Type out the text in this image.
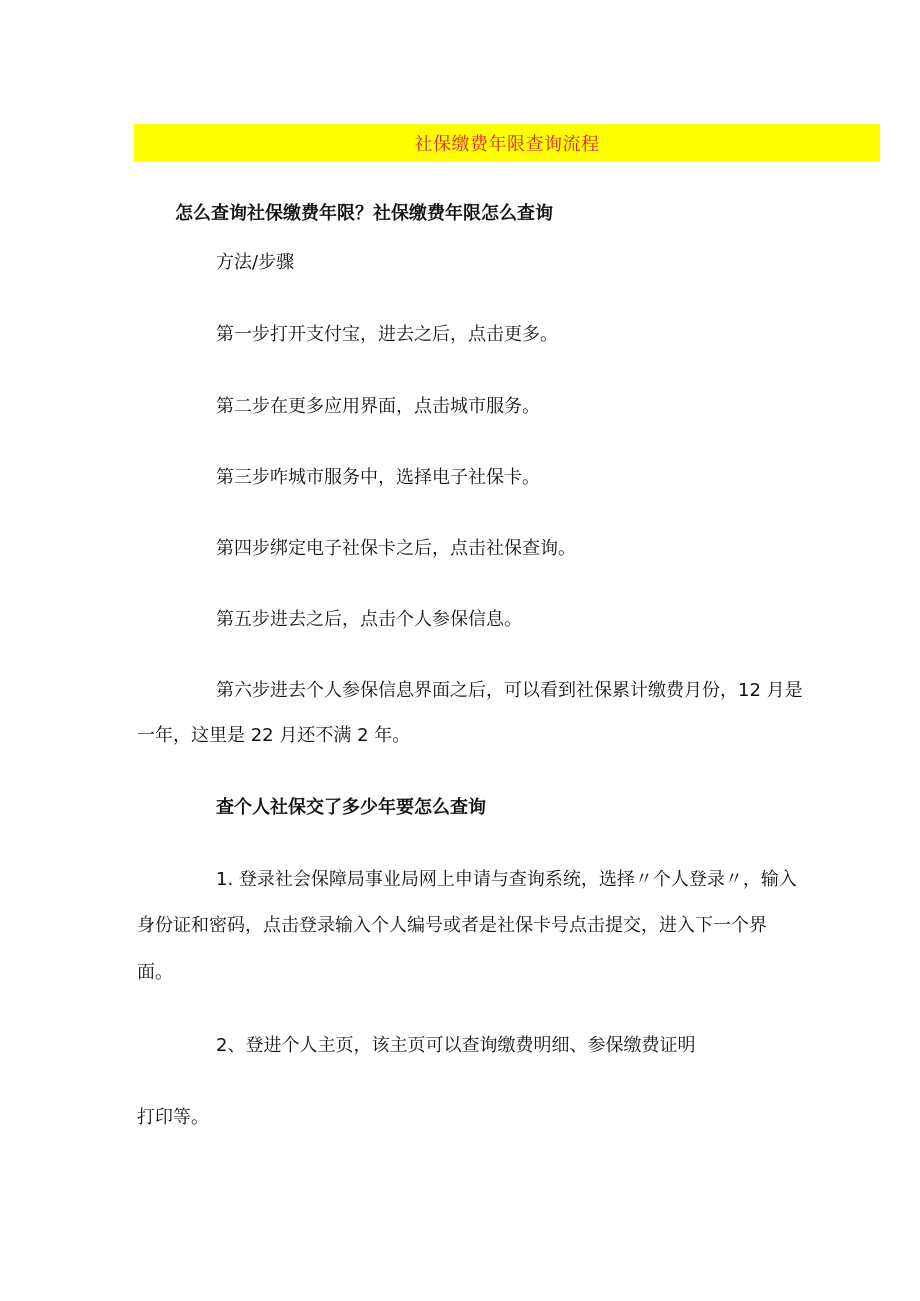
社保缴费年限查询流程
怎么查询社保缴费年限？社保缴费年限怎么查询
方法/步骤
第一步打开支付宝，进去之后，点击更多。
第二步在更多应用界面，点击城市服务。
第三步咋城市服务中，选择电子社保卡。
第四步绑定电子社保卡之后，点击社保查询。
第五步进去之后，点击个人参保信息。
第六步进去个人参保信息界面之后，可以看到社保累计缴费月份，12 月是
一年，这里是 22 月还不满 2 年。
查个人社保交了多少年要怎么查询
1. 登录社会保障局事业局网上申请与查询系统，选择〃个人登录〃，输入
身份证和密码，点击登录输入个人编号或者是社保卡号点击提交，进入下一个界
面。
2、登进个人主页，该主页可以查询缴费明细、参保缴费证明
打印等。
